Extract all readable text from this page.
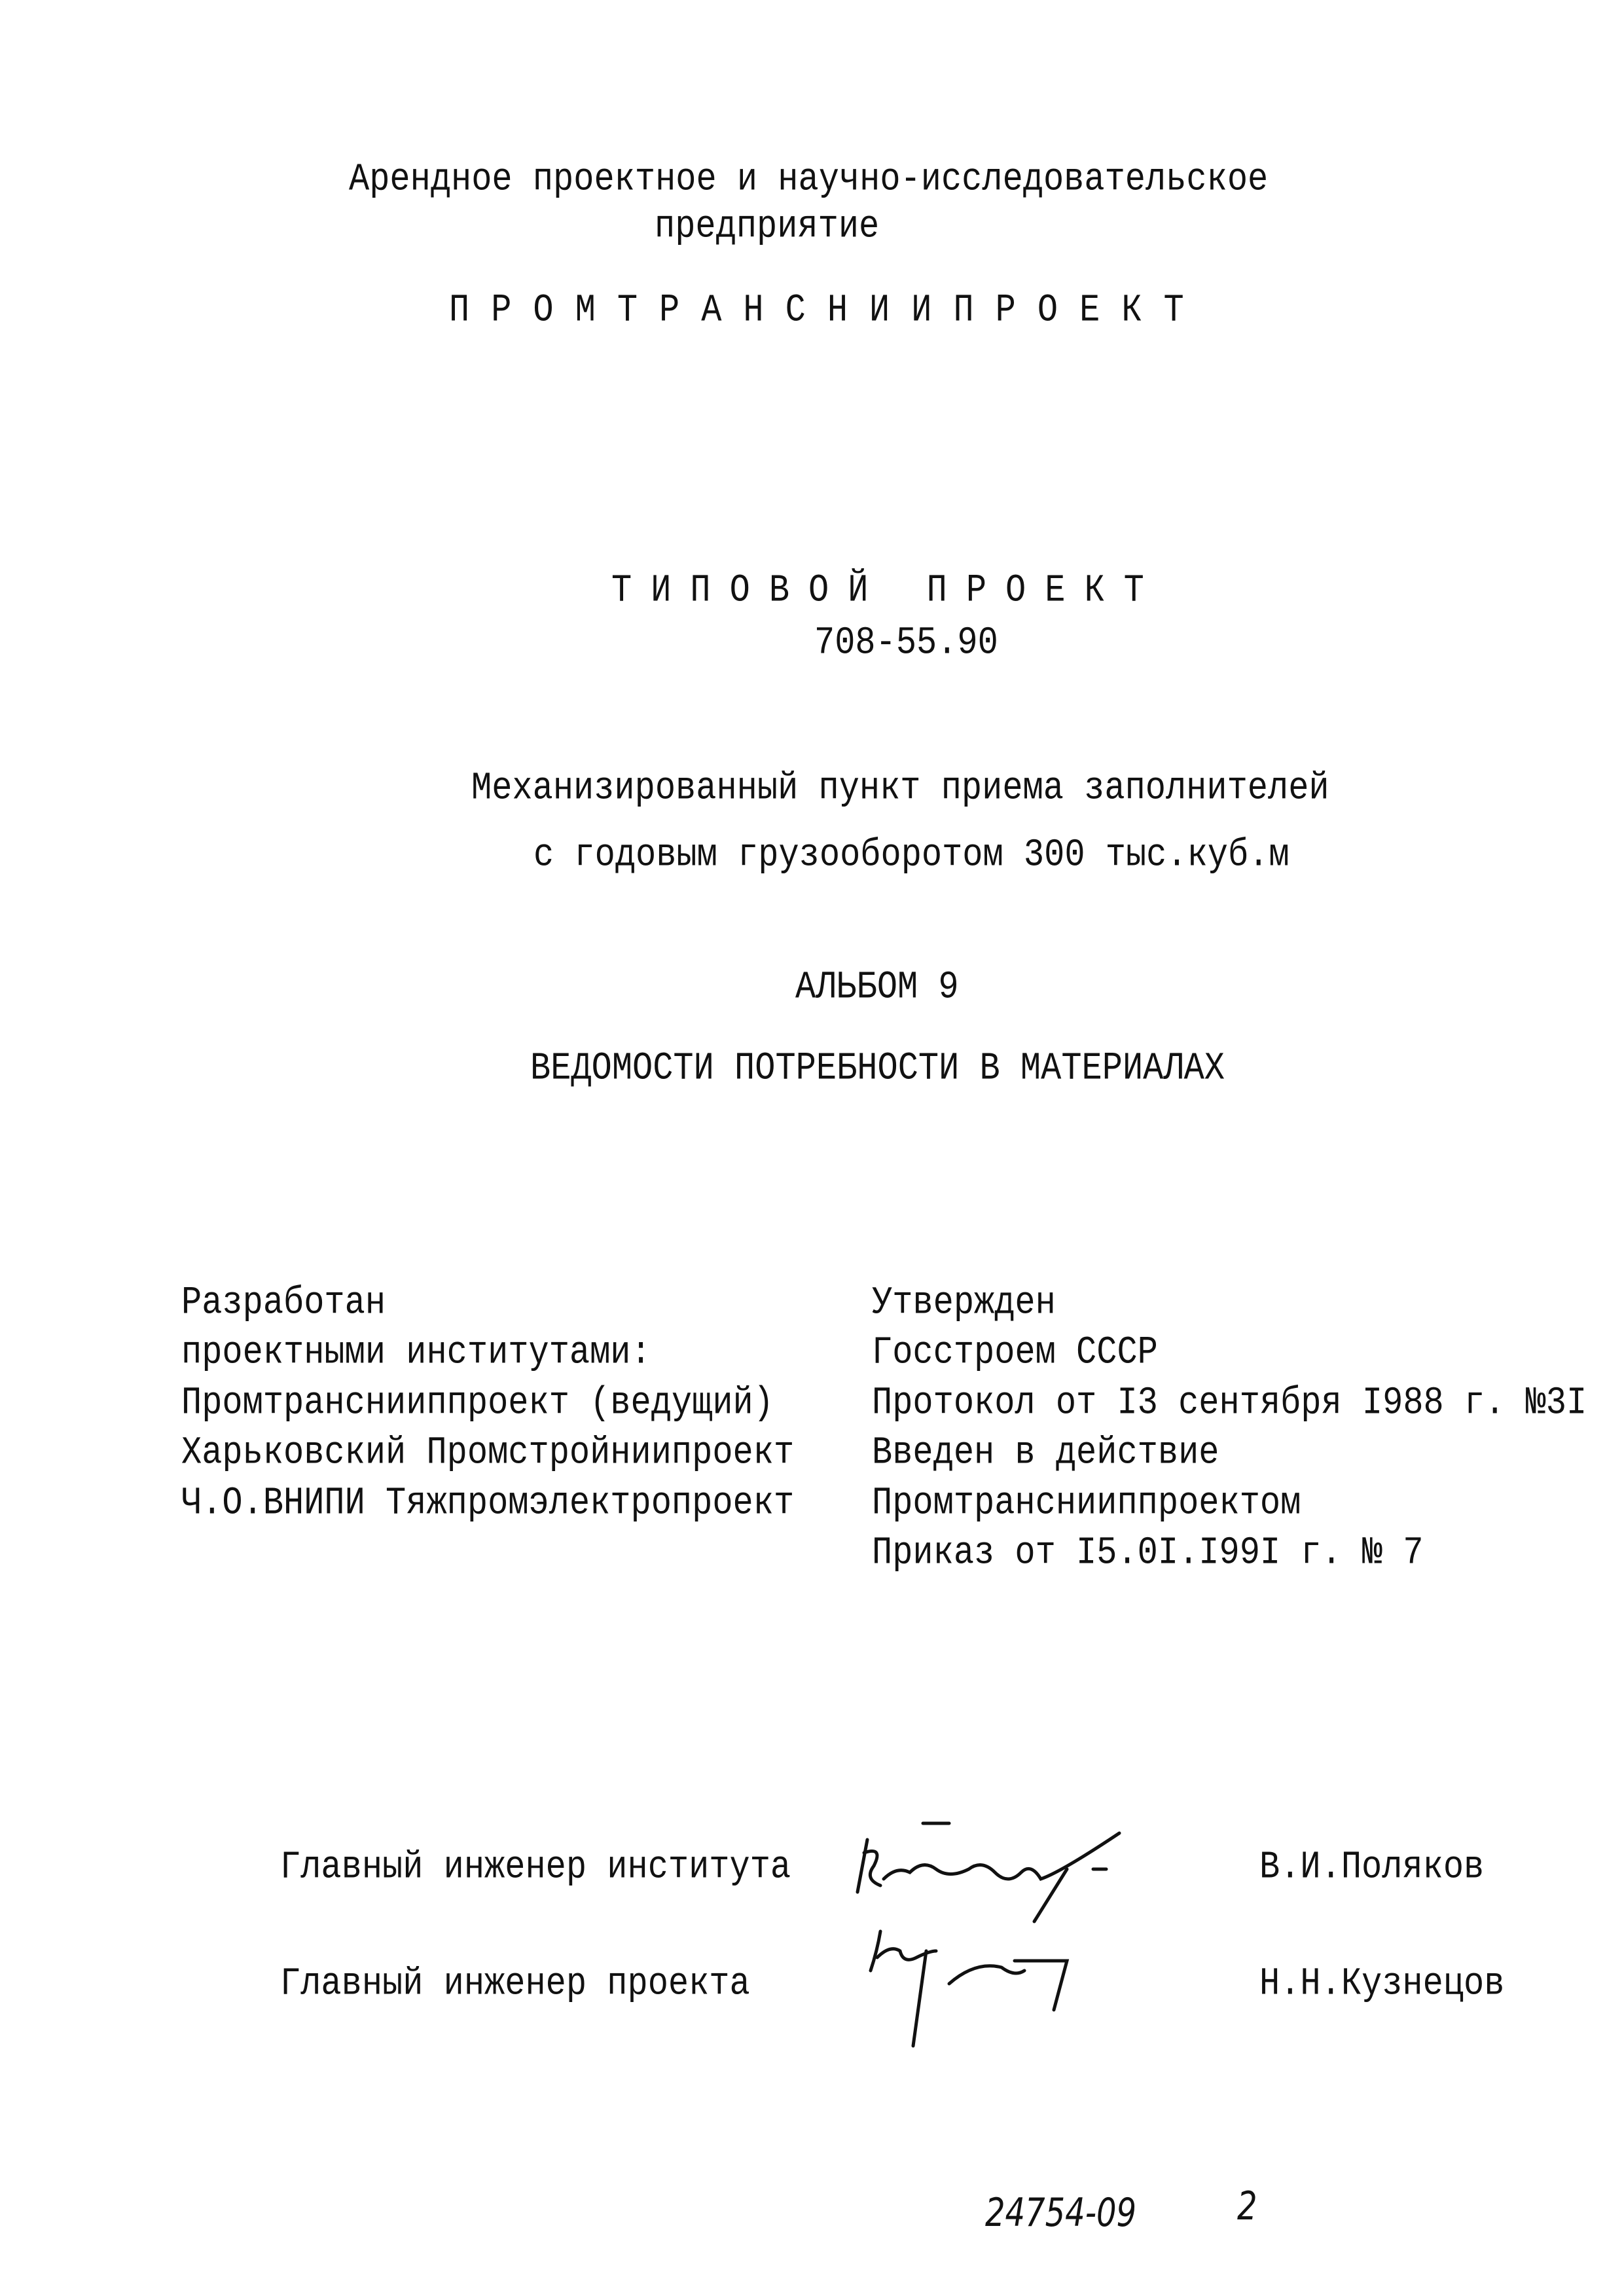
Арендное проектное и научно-исследовательское
предприятие
ПРОМТРАНСНИИПРОЕКТ
ТИПОВОЙ ПРОЕКТ
708-55.90
Механизированный пункт приема заполнителей
с годовым грузооборотом 300 тыс.куб.м
АЛЬБОМ 9
ВЕДОМОСТИ ПОТРЕБНОСТИ В МАТЕРИАЛАХ
Разработан
проектными институтами:
Промтранснииппроект (ведущий)
Харьковский Промстройниипроект
Ч.О.ВНИПИ Тяжпромэлектропроект
Утвержден
Госстроем СССР
Протокол от I3 сентября I988 г. №3I
Введен в действие
Промтранснииппроектом
Приказ от I5.0I.I99I г. № 7
Главный инженер института	В.И.Поляков
Главный инженер проекта	Н.Н.Кузнецов
24754-09	2
